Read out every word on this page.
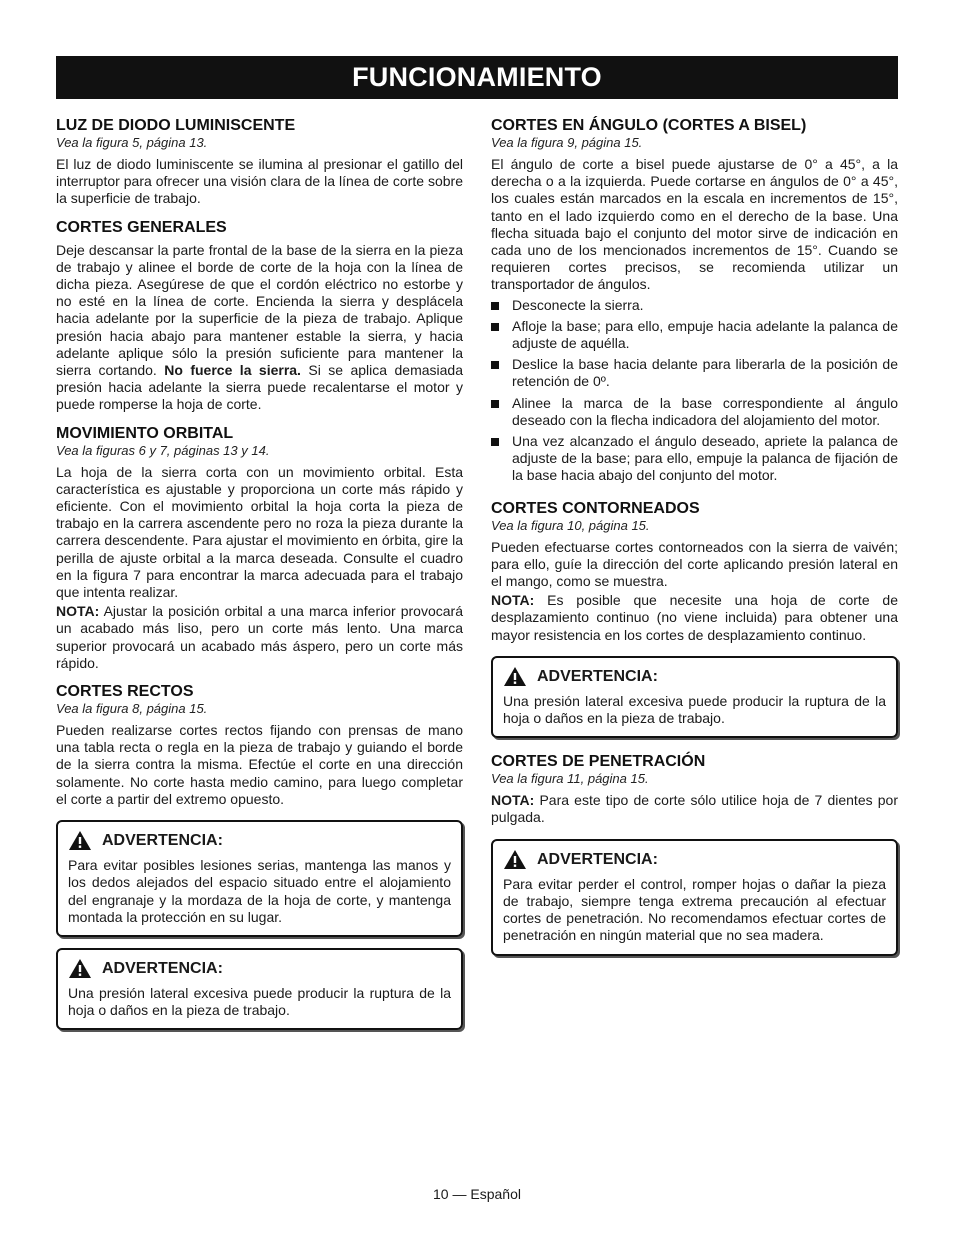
FUNCIONAMIENTO

LUZ DE DIODO LUMINISCENTE

Vea la figura 5, página 13.

El luz de diodo luminiscente se ilumina al presionar el gatillo del interruptor para ofrecer una visión clara de la línea de corte sobre la superficie de trabajo.

CORTES GENERALES

Deje descansar la parte frontal de la base de la sierra en la pieza de trabajo y alinee el borde de corte de la hoja con la línea de dicha pieza. Asegúrese de que el cordón eléctrico no estorbe y no esté en la línea de corte. Encienda la sierra y desplácela hacia adelante por la superficie de la pieza de trabajo. Aplique presión hacia abajo para mantener estable la sierra, y hacia adelante aplique sólo la presión suficiente para mantener la sierra cortando. No fuerce la sierra. Si se aplica demasiada presión hacia adelante la sierra puede recalentarse el motor y puede romperse la hoja de corte.

MOVIMIENTO ORBITAL

Vea la figuras 6 y 7, páginas 13 y 14.

La hoja de la sierra corta con un movimiento orbital. Esta característica es ajustable y proporciona un corte más rápido y eficiente. Con el movimiento orbital la hoja corta la pieza de trabajo en la carrera ascendente pero no roza la pieza durante la carrera descendente. Para ajustar el movimiento en órbita, gire la perilla de ajuste orbital a la marca deseada. Consulte el cuadro en la figura 7 para encontrar la marca adecuada para el trabajo que intenta realizar.

NOTA: Ajustar la posición orbital a una marca inferior provocará un acabado más liso, pero un corte más lento. Una marca superior provocará un acabado más áspero, pero un corte más rápido.

CORTES RECTOS

Vea la figura 8, página 15.

Pueden realizarse cortes rectos fijando con prensas de mano una tabla recta o regla en la pieza de trabajo y guiando el borde de la sierra contra la misma. Efectúe el corte en una dirección solamente. No corte hasta medio camino, para luego completar el corte a partir del extremo opuesto.

ADVERTENCIA:

Para evitar posibles lesiones serias, mantenga las manos y los dedos alejados del espacio situado entre el alojamiento del engranaje y la mordaza de la hoja de corte, y mantenga montada la protección en su lugar.

ADVERTENCIA:

Una presión lateral excesiva puede producir la ruptura de la hoja o daños en la pieza de trabajo.

CORTES EN ÁNGULO (CORTES A BISEL)

Vea la figura 9, página 15.

El ángulo de corte a bisel puede ajustarse de 0° a 45°, a la derecha o a la izquierda. Puede cortarse en ángulos de 0° a 45°, los cuales están marcados en la escala en incrementos de 15°, tanto en el lado izquierdo como en el derecho de la base. Una flecha situada bajo el conjunto del motor sirve de indicación en cada uno de los mencionados incrementos de 15°. Cuando se requieren cortes precisos, se recomienda utilizar un transportador de ángulos.

Desconecte la sierra.
Afloje la base; para ello, empuje hacia adelante la palanca de adjuste de aquélla.
Deslice la base hacia delante para liberarla de la posición de retención de 0º.
Alinee la marca de la base correspondiente al ángulo deseado con la flecha indicadora del alojamiento del motor.
Una vez alcanzado el ángulo deseado, apriete la palanca de adjuste de la base; para ello, empuje la palanca de fijación de la base hacia abajo del conjunto del motor.

CORTES CONTORNEADOS

Vea la figura 10, página 15.

Pueden efectuarse cortes contorneados con la sierra de vaivén; para ello, guíe la dirección del corte aplicando presión lateral en el mango, como se muestra.

NOTA: Es posible que necesite una hoja de corte de desplazamiento continuo (no viene incluida) para obtener una mayor resistencia en los cortes de desplazamiento continuo.

ADVERTENCIA:

Una presión lateral excesiva puede producir la ruptura de la hoja o daños en la pieza de trabajo.

CORTES DE PENETRACIÓN

Vea la figura 11, página 15.

NOTA: Para este tipo de corte sólo utilice hoja de 7 dientes por pulgada.

ADVERTENCIA:

Para evitar perder el control, romper hojas o dañar la pieza de trabajo, siempre tenga extrema precaución al efectuar cortes de penetración. No recomendamos efectuar cortes de penetración en ningún material que no sea madera.

10 — Español
